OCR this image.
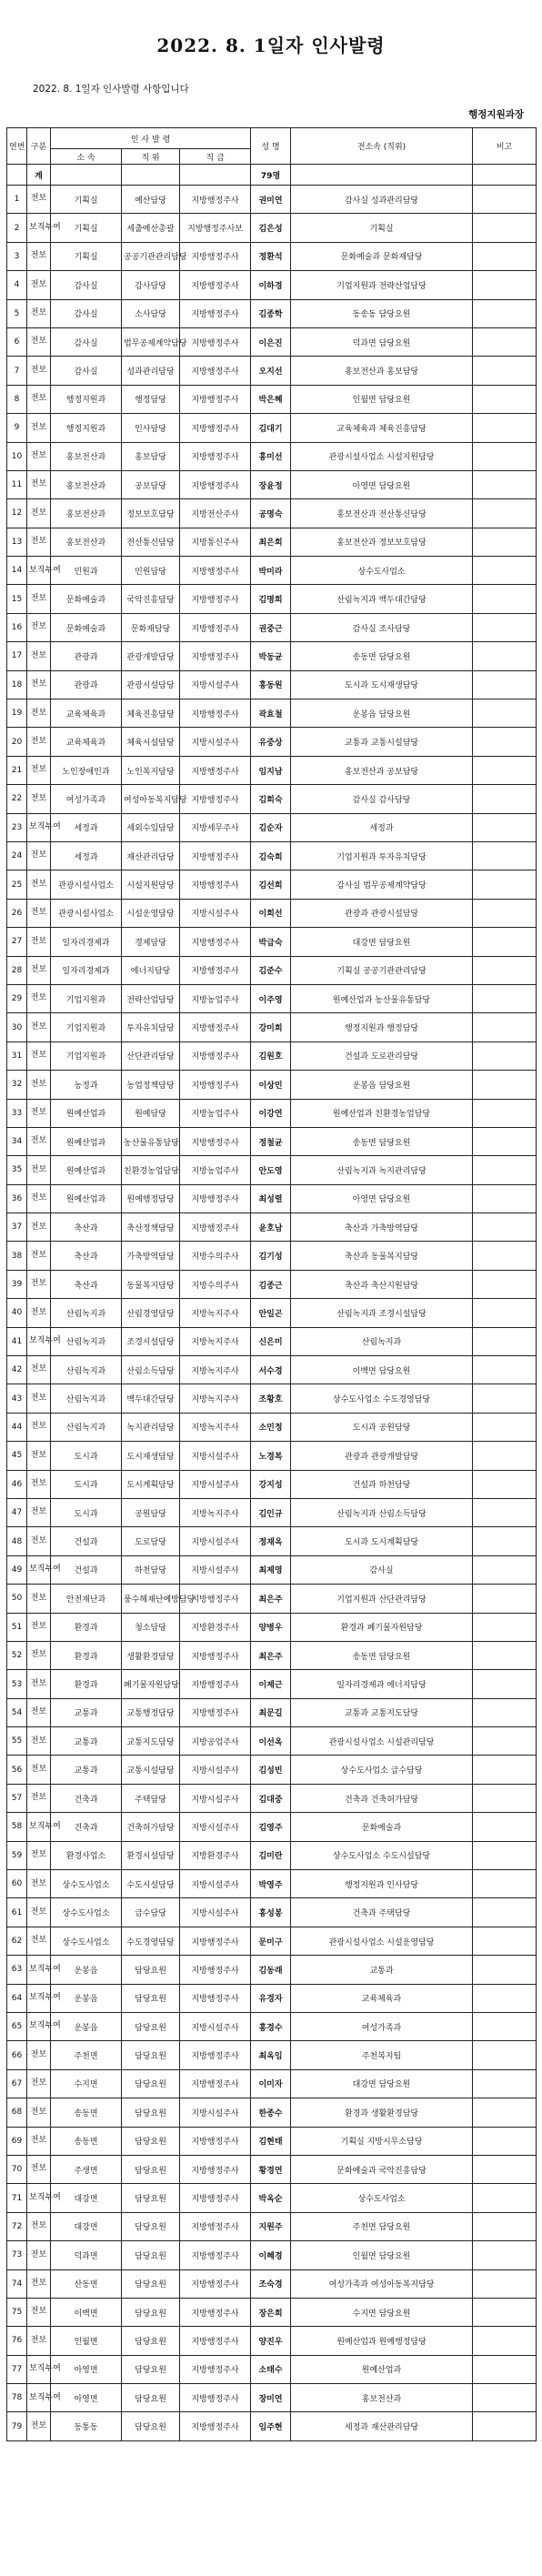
2022. 8. 1일자 인사발령
2022. 8. 1일자 인사발령 사항입니다
행정지원과장
연번	구분	인 사 발 령			성 명	전소속 (직위)	비고
		소 속	직 위	직 급			
	계				79명		
1	전보	기획실	예산담당	지방행정주사	권미연	감사실 성과관리담당	
2	보직부여	기획실	세출예산총괄	지방행정주사보	김은성	기획실	
3	전보	기획실	공공기관관리담당	지방행정주사	정환석	문화예술과 문화재담당	
4	전보	감사실	감사담당	지방행정주사	이하경	기업지원과 전략산업담당	
5	전보	감사실	소사담당	지방행정주사	김종학	동송동 담당요원	
6	전보	감사실	법무공제계약담당	지방행정주사	이은진	덕과면 담당요원	
7	전보	감사실	성과관리담당	지방행정주사	오지선	홍보전산과 홍보담당	
8	전보	행정지원과	행정담당	지방행정주사	박은혜	인월면 담당요원	
9	전보	행정지원과	인사담당	지방행정주사	김대기	교육체육과 체육진흥담당	
10	전보	홍보전산과	홍보담당	지방행정주사	홍미선	관광시설사업소 시설지원담당	
11	전보	홍보전산과	공보담당	지방행정주사	장윤정	아영면 담당요원	
12	전보	홍보전산과	정보보호담당	지방전산주사	공명숙	홍보전산과 전산통신담당	
13	전보	홍보전산과	전산통신담당	지방통신주사	최은희	홍보전산과 정보보호담당	
14	보직부여	민원과	민원담당	지방행정주사	박미라	상수도사업소	
15	전보	문화예술과	국악진흥담당	지방행정주사	김명희	산림녹지과 백두대간담당	
16	전보	문화예술과	문화재담당	지방행정주사	권중근	감사실 조사담당	
17	전보	관광과	관광개발담당	지방행정주사	박동균	송동면 담당요원	
18	전보	관광과	관광시설담당	지방시설주사	홍동원	도시과 도시재생담당	
19	전보	교육체육과	체육진흥담당	지방행정주사	곽효철	운봉읍 담당요원	
20	전보	교육체육과	체육시설담당	지방시설주사	유중상	교통과 교통시설담당	
21	전보	노인장애인과	노인복지담당	지방행정주사	임지남	홍보전산과 공보담당	
22	전보	여성가족과	여성아동복지담당	지방행정주사	김희숙	감사실 감사담당	
23	보직부여	세정과	세외수입담당	지방세무주사	김순자	세정과	
24	전보	세정과	재산관리담당	지방행정주사	김숙희	기업지원과 투자유치담당	
25	전보	관광시설사업소	시설지원담당	지방행정주사	김선희	감사실 법무공제계약담당	
26	전보	관광시설사업소	시설운영담당	지방시설주사	이희선	관광과 관광시설담당	
27	전보	일자리경제과	경제담당	지방행정주사	박급숙	대강면 담당요원	
28	전보	일자리경제과	에너지담당	지방행정주사	김준수	기획실 공공기관관리담당	
29	전보	기업지원과	전략산업담당	지방농업주사	이주영	원예산업과 농산물유통담당	
30	전보	기업지원과	투자유치담당	지방행정주사	강미희	행정지원과 행정담당	
31	전보	기업지원과	산단관리담당	지방행정주사	김원호	건설과 도로관리담당	
32	전보	농정과	농업정책담당	지방행정주사	이상민	운봉읍 담당요원	
33	전보	원예산업과	원예담당	지방농업주사	이강연	원예산업과 친환경농업담당	
34	전보	원예산업과	농산물유통담당	지방행정주사	정철균	송동면 담당요원	
35	전보	원예산업과	친환경농업담당	지방농업주사	안도영	산림녹지과 녹지관리담당	
36	전보	원예산업과	원예행정담당	지방행정주사	최성렬	아영면 담당요원	
37	전보	축산과	축산정책담당	지방행정주사	윤호남	축산과 가축방역담당	
38	전보	축산과	가축방역담당	지방수의주사	김기성	축산과 동물복지담당	
39	전보	축산과	동물복지담당	지방수의주사	김종근	축산과 축산지원담당	
40	전보	산림녹지과	산림경영담당	지방녹지주사	안일곤	산림녹지과 조경시설담당	
41	보직부여	산림녹지과	조경시설담당	지방녹지주사	신은미	산림녹지과	
42	전보	산림녹지과	산림소득담당	지방녹지주사	서수경	이백면 담당요원	
43	전보	산림녹지과	백두대간담당	지방녹지주사	조황호	상수도사업소 수도경영담당	
44	전보	산림녹지과	녹지관리담당	지방녹지주사	소민정	도시과 공원담당	
45	전보	도시과	도시재생담당	지방시설주사	노경복	관광과 관광개발담당	
46	전보	도시과	도시계획담당	지방시설주사	강지성	건설과 하천담당	
47	전보	도시과	공원담당	지방녹지주사	김인규	산림녹지과 산림소득담당	
48	전보	건설과	도로담당	지방시설주사	정재옥	도시과 도시계획담당	
49	보직부여	건설과	하천담당	지방시설주사	최제영	감사실	
50	전보	안전재난과	풍수해재난예방담당	지방행정주사	최은주	기업지원과 산단관리담당	
51	전보	환경과	청소담당	지방환경주사	양병우	환경과 폐기물자원담당	
52	전보	환경과	생활환경담당	지방행정주사	최은주	송동면 담당요원	
53	전보	환경과	폐기물자원담당	지방행정주사	이제근	일자리경제과 에너지담당	
54	전보	교통과	교통행정담당	지방행정주사	최문길	교통과 교통지도담당	
55	전보	교통과	교통지도담당	지방공업주사	이선옥	관광시설사업소 시설관리담당	
56	전보	교통과	교통시설담당	지방시설주사	김성빈	상수도사업소 급수담당	
57	전보	건축과	주택담당	지방시설주사	김대중	건축과 건축허가담당	
58	보직부여	건축과	건축허가담당	지방시설주사	김영주	문화예술과	
59	전보	환경사업소	환경시설담당	지방환경주사	김미란	상수도사업소 수도시설담당	
60	전보	상수도사업소	수도시설담당	지방시설주사	박영주	행정지원과 인사담당	
61	전보	상수도사업소	급수담당	지방시설주사	홍성봉	건축과 주택담당	
62	전보	상수도사업소	수도경영담당	지방행정주사	문미구	관광시설사업소 시설운영담당	
63	보직부여	운봉읍	담당요원	지방행정주사	김동래	교통과	
64	보직부여	운봉읍	담당요원	지방행정주사	유경자	교육체육과	
65	보직부여	운봉읍	담당요원	지방시설주사	홍경수	여성가족과	
66	전보	주천면	담당요원	지방행정주사	최옥임	주천복지팀	
67	전보	수지면	담당요원	지방행정주사	이미자	대강면 담당요원	
68	전보	송동면	담당요원	지방시설주사	한종수	환경과 생활환경담당	
69	전보	송동면	담당요원	지방행정주사	김현태	기획실 지방시무소담당	
70	전보	주생면	담당요원	지방행정주사	황경연	문화예술과 국악진흥담당	
71	보직부여	대강면	담당요원	지방행정주사	박옥순	상수도사업소	
72	전보	대강면	담당요원	지방행정주사	지원주	주천면 담당요원	
73	전보	덕과면	담당요원	지방행정주사	이혜경	인월면 담당요원	
74	전보	산동면	담당요원	지방행정주사	조숙경	여성가족과 여성아동복지담당	
75	전보	이백면	담당요원	지방행정주사	장은희	수지면 담당요원	
76	전보	인월면	담당요원	지방행정주사	양진우	원예산업과 원예행정담당	
77	보직부여	아영면	담당요원	지방행정주사	소태수	원예산업과	
78	보직부여	아영면	담당요원	지방행정주사	장미연	홍보전산과	
79	전보	동통동	담당요원	지방행정주사	임주현	세정과 재산관리담당	
